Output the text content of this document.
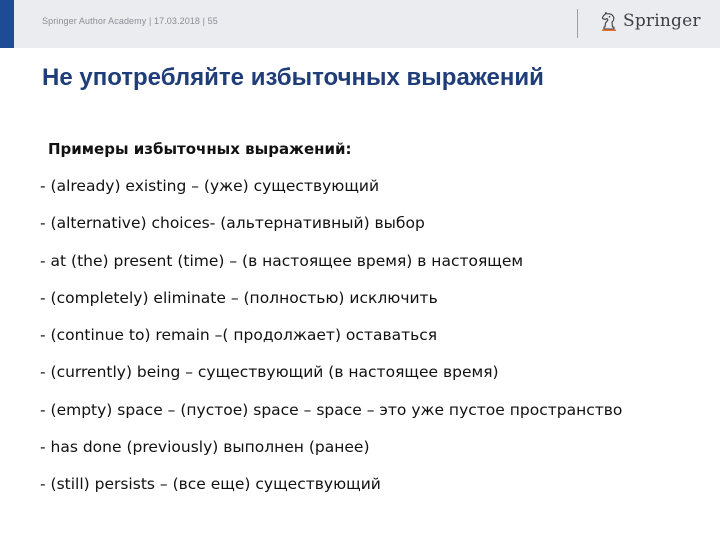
Springer Author Academy | 17.03.2018 | 55	Springer
Не употребляйте избыточных выражений

Примеры избыточных выражений:

- (already) existing – (уже) существующий
- (alternative) choices- (альтернативный) выбор
- at (the) present (time) – (в настоящее время) в настоящем
- (completely) eliminate – (полностью) исключить
- (continue to) remain –( продолжает) оставаться
- (currently) being – существующий (в настоящее время)
- (empty) space – (пустое) space – space – это уже пустое пространство
- has done (previously) выполнен (ранее)
- (still) persists – (все еще) существующий
